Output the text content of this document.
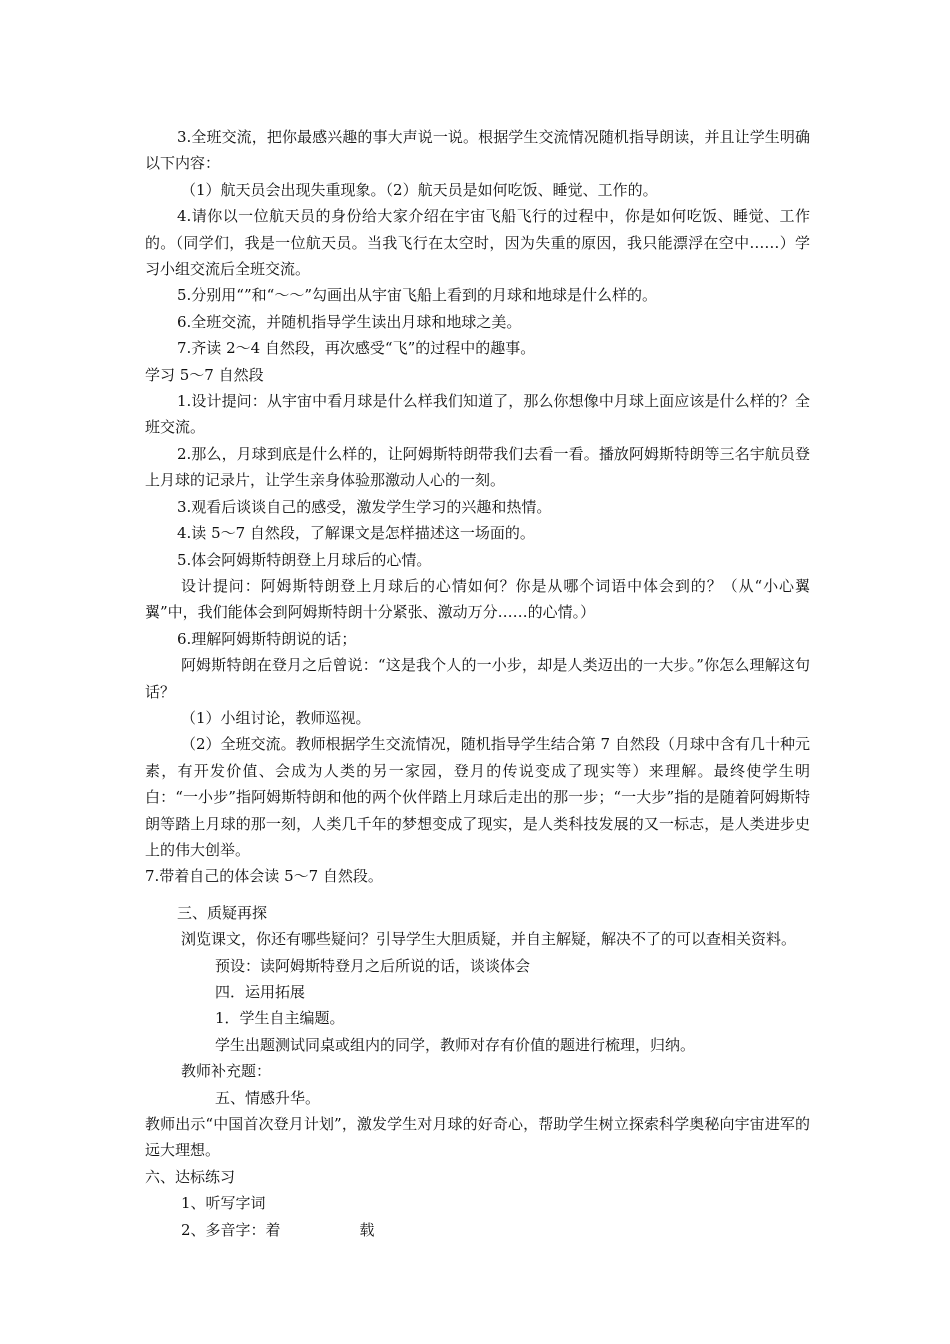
3.全班交流，把你最感兴趣的事大声说一说。根据学生交流情况随机指导朗读，并且让学生明确以下内容：

（1）航天员会出现失重现象。（2）航天员是如何吃饭、睡觉、工作的。

4.请你以一位航天员的身份给大家介绍在宇宙飞船飞行的过程中，你是如何吃饭、睡觉、工作的。（同学们，我是一位航天员。当我飞行在太空时，因为失重的原因，我只能漂浮在空中……）学习小组交流后全班交流。

5.分别用“”和“～～”勾画出从宇宙飞船上看到的月球和地球是什么样的。

6.全班交流，并随机指导学生读出月球和地球之美。

7.齐读 2～4 自然段，再次感受“飞”的过程中的趣事。

学习 5～7 自然段

1.设计提问：从宇宙中看月球是什么样我们知道了，那么你想像中月球上面应该是什么样的？全班交流。

2.那么，月球到底是什么样的，让阿姆斯特朗带我们去看一看。播放阿姆斯特朗等三名宇航员登上月球的记录片，让学生亲身体验那激动人心的一刻。

3.观看后谈谈自己的感受，激发学生学习的兴趣和热情。

4.读 5～7 自然段，了解课文是怎样描述这一场面的。

5.体会阿姆斯特朗登上月球后的心情。

设计提问：阿姆斯特朗登上月球后的心情如何？你是从哪个词语中体会到的？（从“小心翼翼”中，我们能体会到阿姆斯特朗十分紧张、激动万分……的心情。）

6.理解阿姆斯特朗说的话；

阿姆斯特朗在登月之后曾说：“这是我个人的一小步，却是人类迈出的一大步。”你怎么理解这句话？

（1）小组讨论，教师巡视。

（2）全班交流。教师根据学生交流情况，随机指导学生结合第 7 自然段（月球中含有几十种元素，有开发价值、会成为人类的另一家园，登月的传说变成了现实等）来理解。最终使学生明白：“一小步”指阿姆斯特朗和他的两个伙伴踏上月球后走出的那一步；“一大步”指的是随着阿姆斯特朗等踏上月球的那一刻，人类几千年的梦想变成了现实，是人类科技发展的又一标志，是人类进步史上的伟大创举。

7.带着自己的体会读 5～7 自然段。

三、质疑再探

浏览课文，你还有哪些疑问？引导学生大胆质疑，并自主解疑，解决不了的可以查相关资料。

预设：读阿姆斯特登月之后所说的话，谈谈体会

四．运用拓展

1．学生自主编题。

学生出题测试同桌或组内的同学，教师对存有价值的题进行梳理，归纳。

教师补充题：

五、情感升华。

教师出示“中国首次登月计划”，激发学生对月球的好奇心，帮助学生树立探索科学奥秘向宇宙进军的远大理想。

六、达标练习

1、听写字词

2、多音字：着	载
